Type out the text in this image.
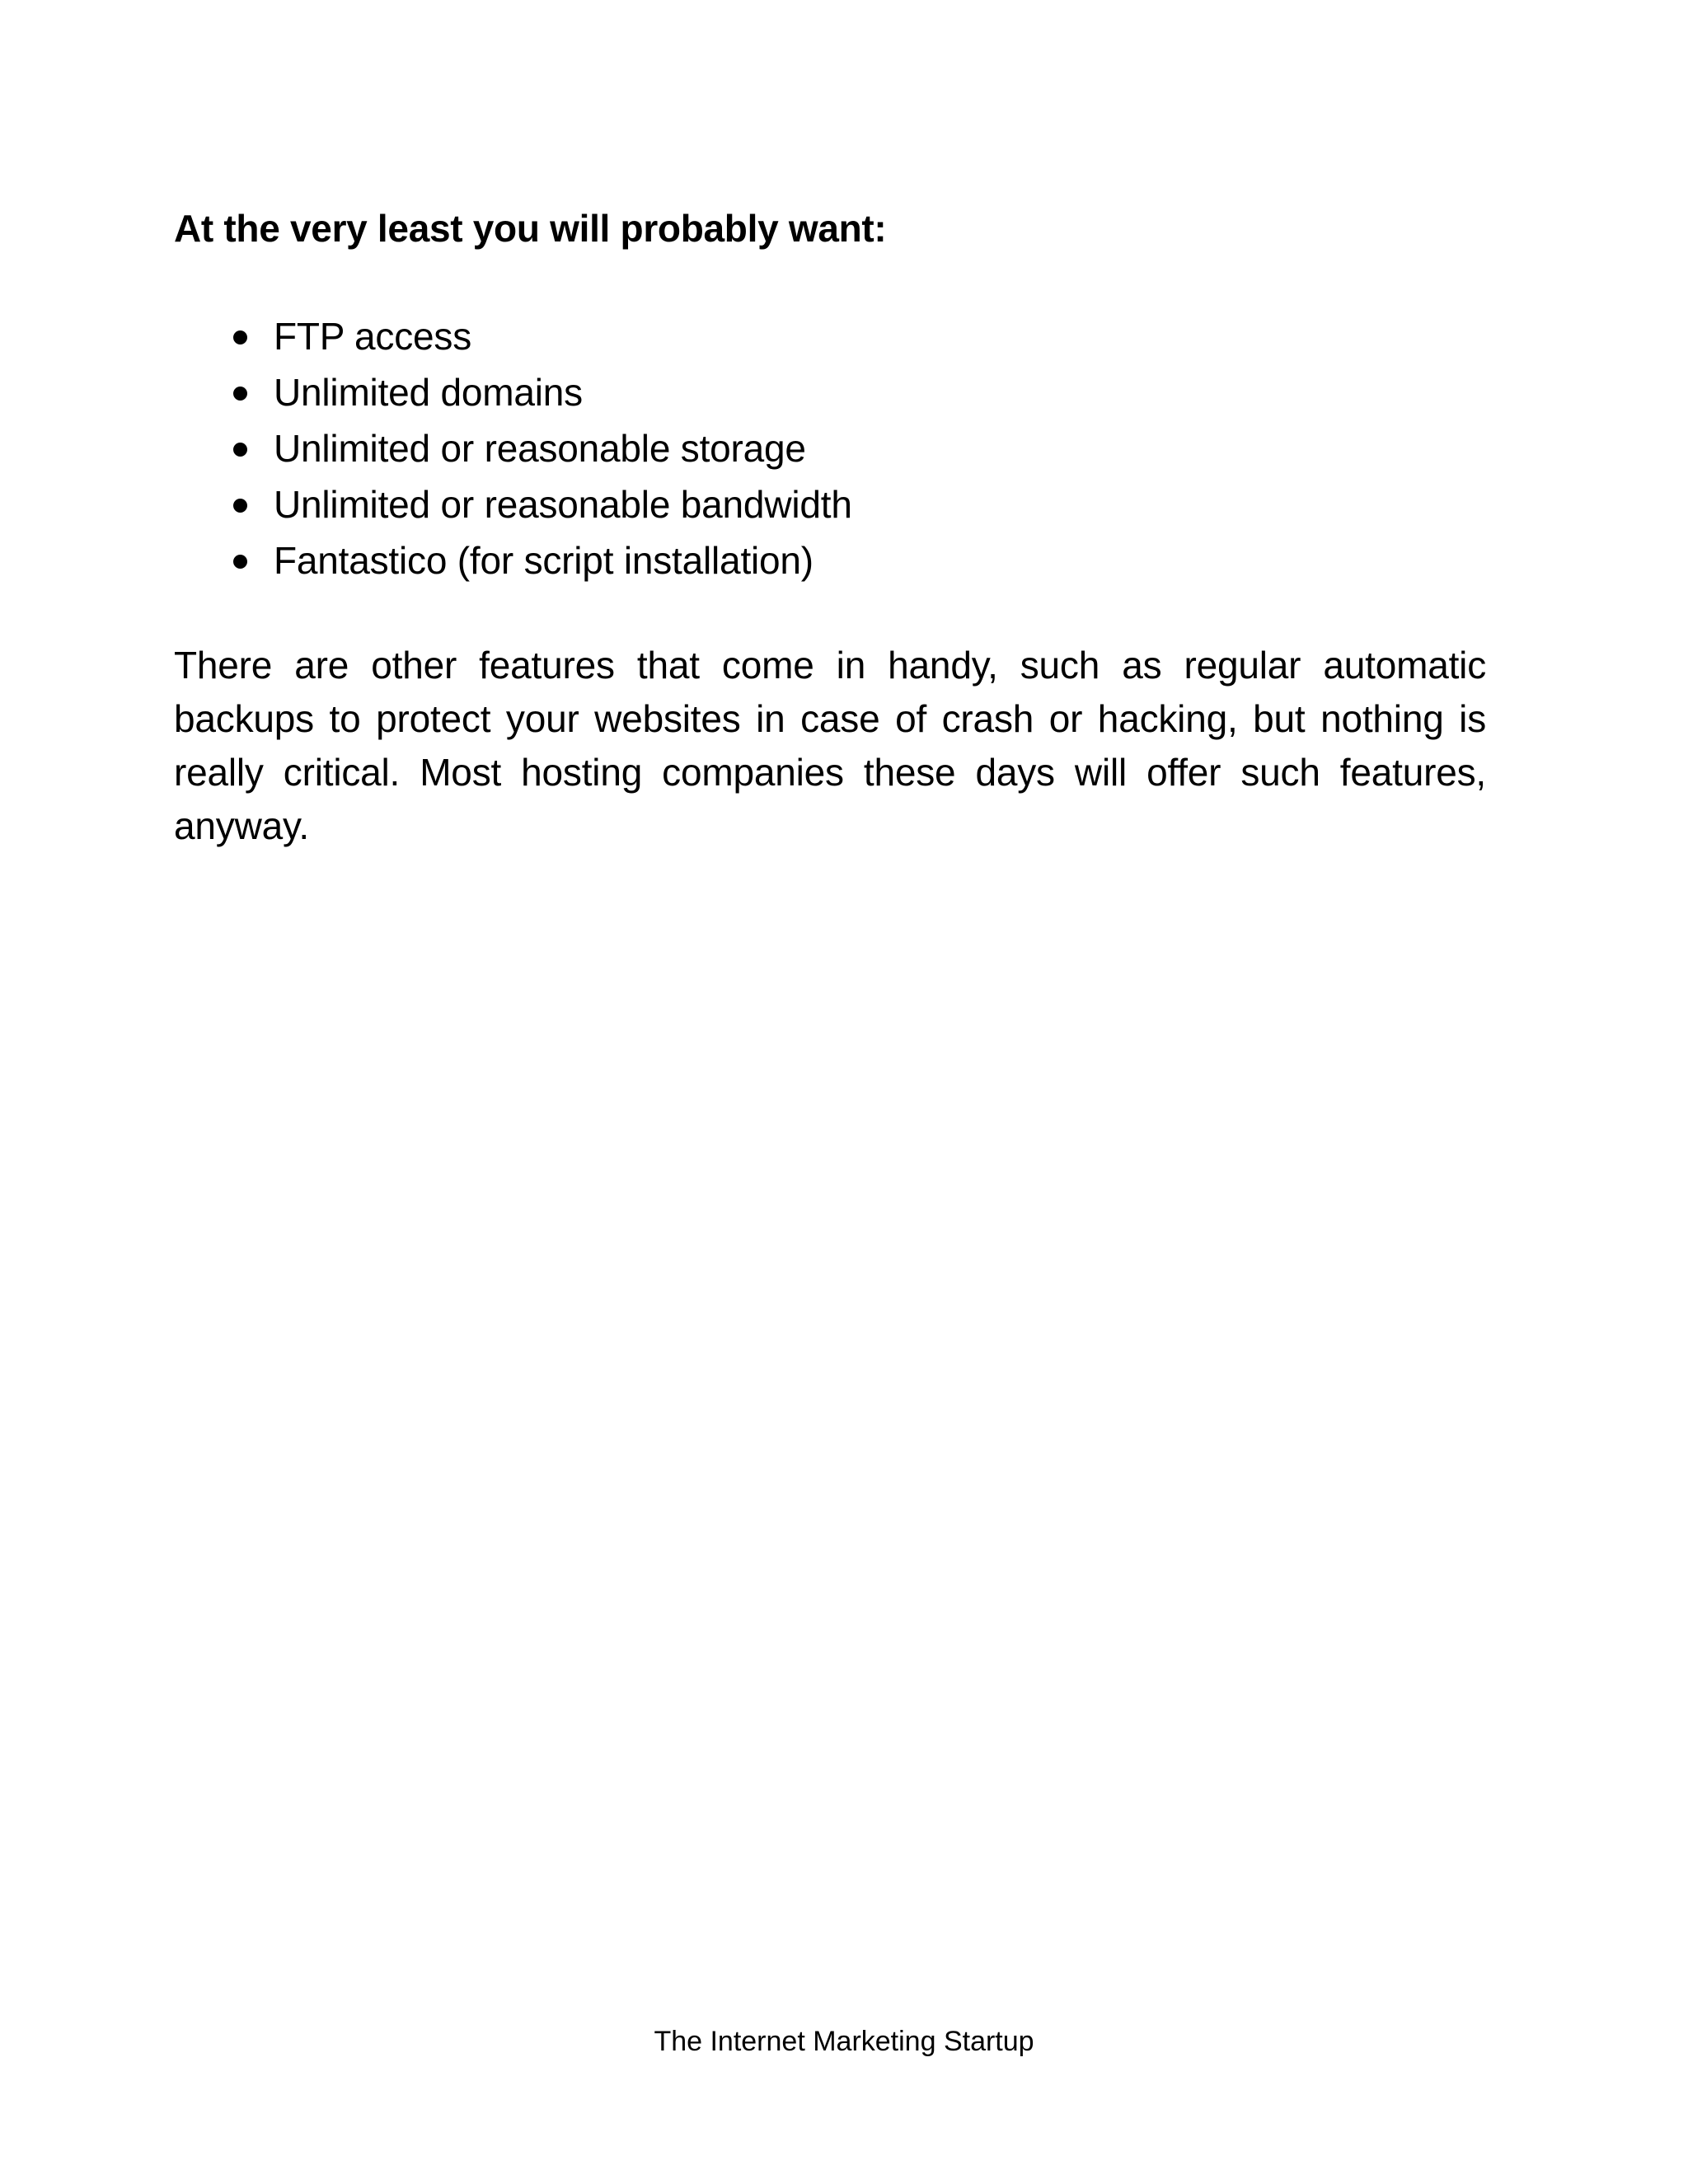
At the very least you will probably want:
FTP access
Unlimited domains
Unlimited or reasonable storage
Unlimited or reasonable bandwidth
Fantastico (for script installation)

There are other features that come in handy, such as regular automatic backups to protect your websites in case of crash or hacking, but nothing is really critical. Most hosting companies these days will offer such features, anyway.

The Internet Marketing Startup
